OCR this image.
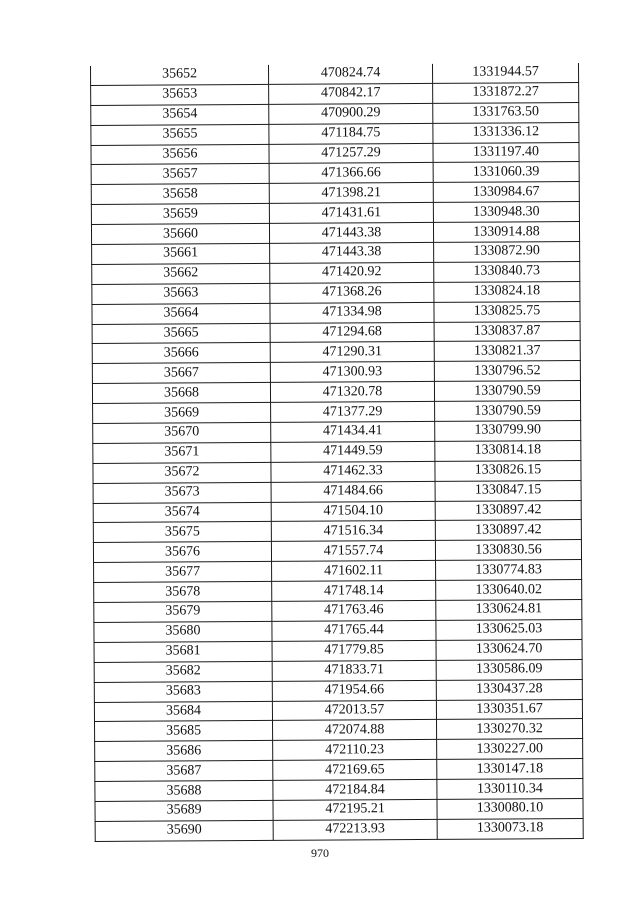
35652	470824.74	1331944.57
35653	470842.17	1331872.27
35654	470900.29	1331763.50
35655	471184.75	1331336.12
35656	471257.29	1331197.40
35657	471366.66	1331060.39
35658	471398.21	1330984.67
35659	471431.61	1330948.30
35660	471443.38	1330914.88
35661	471443.38	1330872.90
35662	471420.92	1330840.73
35663	471368.26	1330824.18
35664	471334.98	1330825.75
35665	471294.68	1330837.87
35666	471290.31	1330821.37
35667	471300.93	1330796.52
35668	471320.78	1330790.59
35669	471377.29	1330790.59
35670	471434.41	1330799.90
35671	471449.59	1330814.18
35672	471462.33	1330826.15
35673	471484.66	1330847.15
35674	471504.10	1330897.42
35675	471516.34	1330897.42
35676	471557.74	1330830.56
35677	471602.11	1330774.83
35678	471748.14	1330640.02
35679	471763.46	1330624.81
35680	471765.44	1330625.03
35681	471779.85	1330624.70
35682	471833.71	1330586.09
35683	471954.66	1330437.28
35684	472013.57	1330351.67
35685	472074.88	1330270.32
35686	472110.23	1330227.00
35687	472169.65	1330147.18
35688	472184.84	1330110.34
35689	472195.21	1330080.10
35690	472213.93	1330073.18
970
